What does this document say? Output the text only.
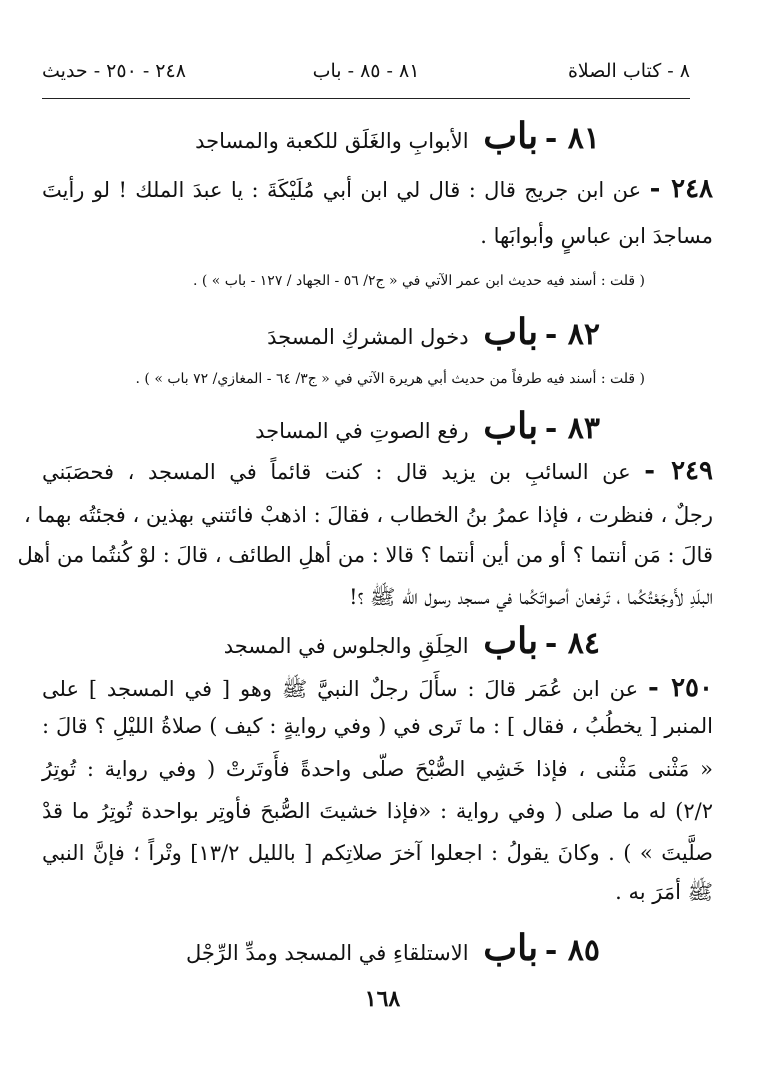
٨ - كتاب الصلاة
٨١ - ٨٥ - باب
٢٤٨ - ٢٥٠ - حديث
٨١ - باب الأبوابِ والغَلَق للكعبة والمساجد
٢٤٨ - عن ابن جريج قال : قال لي ابن أبي مُلَيْكَةَ : يا عبدَ الملك ! لو رأيتَ
مساجدَ ابن عباسٍ وأبوابَها .
( قلت : أسند فيه حديث ابن عمر الآتي في « ج٢/ ٥٦ - الجهاد / ١٢٧ - باب » ) .
٨٢ - باب دخول المشركِ المسجدَ
( قلت : أسند فيه طرفاً من حديث أبي هريرة الآتي في « ج٣/ ٦٤ - المغازي/ ٧٢ باب » ) .
٨٣ - باب رفع الصوتِ في المساجد
٢٤٩ - عن السائبِ بن يزيد قال : كنت قائماً في المسجد ، فحصَبَني
رجلٌ ، فنظرت ، فإذا عمرُ بنُ الخطاب ، فقالَ : اذهبْ فائتني بهذين ، فجئتُه بهما ،
قالَ : مَن أنتما ؟ أو من أين أنتما ؟ قالا : من أهلِ الطائف ، قالَ : لوْ كُنتُما من أهل
البلَدِ لأَوجَعْتُكُما ، تَرفعان أصواتَكُما في مسجد رسول الله ﷺ ؟!
٨٤ - باب الحِلَقِ والجلوس في المسجد
٢٥٠ - عن ابن عُمَر قالَ : سأَلَ رجلٌ النبيَّ ﷺ وهو [ في المسجد ] على
المنبر [ يخطُبُ ، فقال ] : ما تَرى في ( وفي روايةٍ : كيف ) صلاةُ الليْلِ ؟ قالَ :
« مَثْنى مَثْنى ، فإذا خَشِي الصُّبْحَ صلّى واحدةً فأَوتَرتْ ( وفي رواية : تُوتِرُ
٢/٢) له ما صلى ( وفي رواية : «فإذا خشيتَ الصُّبحَ فأوتِر بواحدة تُوتِرُ ما قدْ
صلَّيتَ » ) . وكانَ يقولُ : اجعلوا آخرَ صلاتِكم [ بالليل ١٣/٢] وتْراً ؛ فإنَّ النبي
ﷺ أمَرَ به .
٨٥ - باب الاستلقاءِ في المسجد ومدِّ الرِّجْل
١٦٨
